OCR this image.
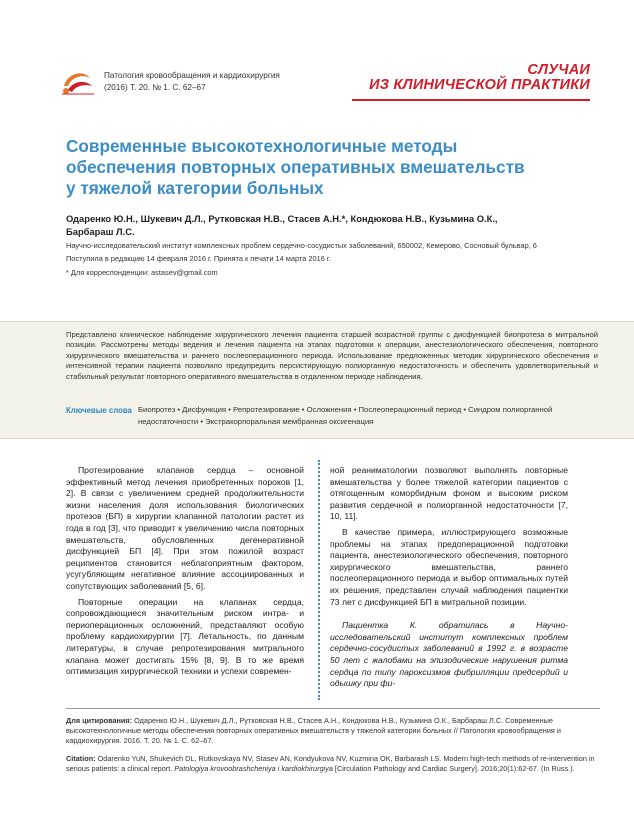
Патология кровообращения и кардиохирургия
(2016) Т. 20. № 1. С. 62–67
СЛУЧАИ
ИЗ КЛИНИЧЕСКОЙ ПРАКТИКИ
Современные высокотехнологичные методы
обеспечения повторных оперативных вмешательств
у тяжелой категории больных
Одаренко Ю.Н., Шукевич Д.Л., Рутковская Н.В., Стасев А.Н.*, Кондюкова Н.В., Кузьмина О.К.,
Барбараш Л.С.
Научно-исследовательский институт комплексных проблем сердечно-сосудистых заболеваний, 650002, Кемерово, Сосновый бульвар, 6
Поступила в редакцию 14 февраля 2016 г. Принята к печати 14 марта 2016 г.
* Для корреспонденции: astasev@gmail.com
Представлено клиническое наблюдение хирургического лечения пациента старшей возрастной группы с дисфункцией биопротеза в митральной позиции. Рассмотрены методы ведения и лечения пациента на этапах подготовки к операции, анестезиологического обеспечения, повторного хирургического вмешательства и раннего послеоперационного периода. Использование предложенных методик хирургического обеспечения и интенсивной терапии пациента позволило предупредить персистирующую полиорганную недостаточность и обеспечить удовлетворительный и стабильный результат повторного оперативного вмешательства в отдаленном периоде наблюдения.
Ключевые слова Биопротез • Дисфункция • Репротезирование • Осложнения • Послеоперационный период • Синдром полиорганной недостаточности • Экстракорпоральная мембранная оксигенация

Протезирование клапанов сердца – основной эффективный метод лечения приобретенных пороков [1, 2]. В связи с увеличением средней продолжительности жизни населения доля использования биологических протезов (БП) в хирургии клапанной патологии растет из года в год [3], что приводит к увеличению числа повторных вмешательств, обусловленных дегенеративной дисфункцией БП [4]. При этом пожилой возраст реципиентов становится неблагоприятным фактором, усугубляющим негативное влияние ассоциированных и сопутствующих заболеваний [5, 6].

Повторные операции на клапанах сердца, сопровождающиеся значительным риском интра- и периоперационных осложнений, представляют особую проблему кардиохирургии [7]. Летальность, по данным литературы, в случае репротезирования митрального клапана может достигать 15% [8, 9]. В то же время оптимизация хирургической техники и успехи современ-

ной реаниматологии позволяют выполнять повторные вмешательства у более тяжелой категории пациентов с отягощенным коморбидным фоном и высоким риском развития сердечной и полиорганной недостаточности [7, 10, 11].

В качестве примера, иллюстрирующего возможные проблемы на этапах предоперационной подготовки пациента, анестезиологического обеспечения, повторного хирургического вмешательства, раннего послеоперационного периода и выбор оптимальных путей их решения, представлен случай наблюдения пациентки 73 лет с дисфункцией БП в митральной позиции.

Пациентка К. обратилась в Научно-исследовательский институт комплексных проблем сердечно-сосудистых заболеваний в 1992 г. в возрасте 50 лет с жалобами на эпизодические нарушения ритма сердца по типу пароксизмов фибрилляции предсердий и одышку при фи-

Для цитирования: Одаренко Ю.Н., Шукевич Д.Л., Рутковская Н.В., Стасев А.Н., Кондюкова Н.В., Кузьмина О.К., Барбараш Л.С. Современные высокотехнологичные методы обеспечения повторных оперативных вмешательств у тяжелой категории больных // Патология кровообращения и кардиохирургия. 2016. Т. 20. № 1. С. 62–67.
Citation: Odarenko YuN, Shukevich DL, Rutkovskaya NV, Stasev AN, Kondyukova NV, Kuzmina OK, Barbarash LS. Modern high-tech methods of re-intervention in serious patients: a clinical report. Patologiya krovoobrashcheniya i kardiokhirurgiya [Circulation Pathology and Cardiac Surgery]. 2016;20(1):62-67. (In Russ.).
